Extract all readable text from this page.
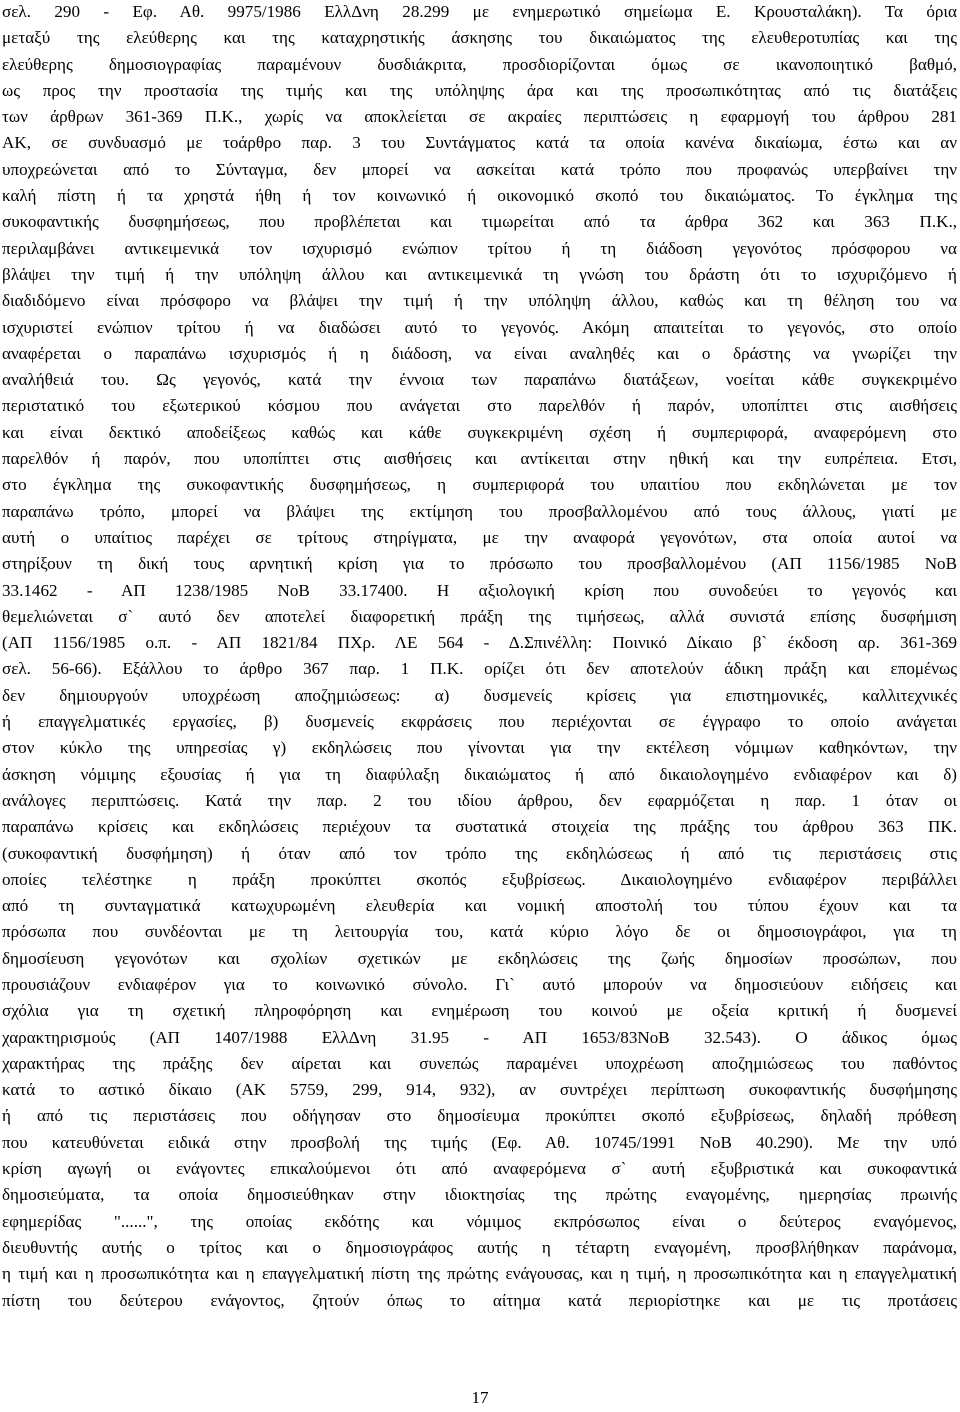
σελ. 290 - Εφ. Αθ. 9975/1986 ΕλλΔνη 28.299 με ενημερωτικό σημείωμα Ε. Κρουσταλάκη). Τα όρια
μεταξύ της ελεύθερης και της καταχρηστικής άσκησης του δικαιώματος της ελευθεροτυπίας και της
ελεύθερης δημοσιογραφίας παραμένουν δυσδιάκριτα, προσδιορίζονται όμως σε ικανοποιητικό βαθμό,
ως προς την προστασία της τιμής και της υπόληψης άρα και της προσωπικότητας από τις διατάξεις
των άρθρων 361-369 Π.Κ., χωρίς να αποκλείεται σε ακραίες περιπτώσεις η εφαρμογή του άρθρου 281
ΑΚ, σε συνδυασμό με τοάρθρο παρ. 3 του Συντάγματος κατά τα οποία κανένα δικαίωμα, έστω και αν
υποχρεώνεται από το Σύνταγμα, δεν μπορεί να ασκείται κατά τρόπο που προφανώς υπερβαίνει την
καλή πίστη ή τα χρηστά ήθη ή τον κοινωνικό ή οικονομικό σκοπό του δικαιώματος. Το έγκλημα της
συκοφαντικής δυσφημήσεως, που προβλέπεται και τιμωρείται από τα άρθρα 362 και 363 Π.Κ.,
περιλαμβάνει αντικειμενικά τον ισχυρισμό ενώπιον τρίτου ή τη διάδοση γεγονότος πρόσφορου να
βλάψει την τιμή ή την υπόληψη άλλου και αντικειμενικά τη γνώση του δράστη ότι το ισχυριζόμενο ή
διαδιδόμενο είναι πρόσφορο να βλάψει την τιμή ή την υπόληψη άλλου, καθώς και τη θέληση του να
ισχυριστεί ενώπιον τρίτου ή να διαδώσει αυτό το γεγονός. Ακόμη απαιτείται το γεγονός, στο οποίο
αναφέρεται ο παραπάνω ισχυρισμός ή η διάδοση, να είναι αναληθές και ο δράστης να γνωρίζει την
αναλήθειά του. Ως γεγονός, κατά την έννοια των παραπάνω διατάξεων, νοείται κάθε συγκεκριμένο
περιστατικό του εξωτερικού κόσμου που ανάγεται στο παρελθόν ή παρόν, υποπίπτει στις αισθήσεις
και είναι δεκτικό αποδείξεως καθώς και κάθε συγκεκριμένη σχέση ή συμπεριφορά, αναφερόμενη στο
παρελθόν ή παρόν, που υποπίπτει στις αισθήσεις και αντίκειται στην ηθική και την ευπρέπεια. Ετσι,
στο έγκλημα της συκοφαντικής δυσφημήσεως, η συμπεριφορά του υπαιτίου που εκδηλώνεται με τον
παραπάνω τρόπο, μπορεί να βλάψει της εκτίμηση του προσβαλλομένου από τους άλλους, γιατί με
αυτή ο υπαίτιος παρέχει σε τρίτους στηρίγματα, με την αναφορά γεγονότων, στα οποία αυτοί να
στηρίξουν τη δική τους αρνητική κρίση για το πρόσωπο του προσβαλλομένου (ΑΠ 1156/1985 ΝοΒ
33.1462 - ΑΠ 1238/1985 ΝοΒ 33.17400. Η αξιολογική κρίση που συνοδεύει το γεγονός και
θεμελιώνεται σ` αυτό δεν αποτελεί διαφορετική πράξη της τιμήσεως, αλλά συνιστά επίσης δυσφήμιση
(ΑΠ 1156/1985 ο.π. - ΑΠ 1821/84 ΠΧρ. ΛΕ 564 - Δ.Σπινέλλη: Ποινικό Δίκαιο β` έκδοση αρ. 361-369
σελ. 56-66). Εξάλλου το άρθρο 367 παρ. 1 Π.Κ. ορίζει ότι δεν αποτελούν άδικη πράξη και επομένως
δεν δημιουργούν υποχρέωση αποζημιώσεως: α) δυσμενείς κρίσεις για επιστημονικές, καλλιτεχνικές
ή επαγγελματικές εργασίες, β) δυσμενείς εκφράσεις που περιέχονται σε έγγραφο το οποίο ανάγεται
στον κύκλο της υπηρεσίας γ) εκδηλώσεις που γίνονται για την εκτέλεση νόμιμων καθηκόντων, την
άσκηση νόμιμης εξουσίας ή για τη διαφύλαξη δικαιώματος ή από δικαιολογημένο ενδιαφέρον και δ)
ανάλογες περιπτώσεις. Κατά την παρ. 2 του ιδίου άρθρου, δεν εφαρμόζεται η παρ. 1 όταν οι
παραπάνω κρίσεις και εκδηλώσεις περιέχουν τα συστατικά στοιχεία της πράξης του άρθρου 363 ΠΚ.
(συκοφαντική δυσφήμηση) ή όταν από τον τρόπο της εκδηλώσεως ή από τις περιστάσεις στις
οποίες τελέστηκε η πράξη προκύπτει σκοπός εξυβρίσεως. Δικαιολογημένο ενδιαφέρον περιβάλλει
από τη συνταγματικά κατωχυρωμένη ελευθερία και νομική αποστολή του τύπου έχουν και τα
πρόσωπα που συνδέονται με τη λειτουργία του, κατά κύριο λόγο δε οι δημοσιογράφοι, για τη
δημοσίευση γεγονότων και σχολίων σχετικών με εκδηλώσεις της ζωής δημοσίων προσώπων, που
προυσιάζουν ενδιαφέρον για το κοινωνικό σύνολο. Γι` αυτό μπορούν να δημοσιεύουν ειδήσεις και
σχόλια για τη σχετική πληροφόρηση και ενημέρωση του κοινού με οξεία κριτική ή δυσμενεί
χαρακτηρισμούς (ΑΠ 1407/1988 ΕλλΔνη 31.95 - ΑΠ 1653/83ΝοΒ 32.543). Ο άδικος όμως
χαρακτήρας της πράξης δεν αίρεται και συνεπώς παραμένει υποχρέωση αποζημιώσεως του παθόντος
κατά το αστικό δίκαιο (ΑΚ 5759, 299, 914, 932), αν συντρέχει περίπτωση συκοφαντικής δυσφήμησης
ή από τις περιστάσεις που οδήγησαν στο δημοσίευμα προκύπτει σκοπό εξυβρίσεως, δηλαδή πρόθεση
που κατευθύνεται ειδικά στην προσβολή της τιμής (Εφ. Αθ. 10745/1991 ΝοΒ 40.290). Με την υπό
κρίση αγωγή οι ενάγοντες επικαλούμενοι ότι από αναφερόμενα σ` αυτή εξυβριστικά και συκοφαντικά
δημοσιεύματα, τα οποία δημοσιεύθηκαν στην ιδιοκτησίας της πρώτης εναγομένης, ημερησίας πρωινής
εφημερίδας "......", της οποίας εκδότης και νόμιμος εκπρόσωπος είναι ο δεύτερος εναγόμενος,
διευθυντής αυτής ο τρίτος και ο δημοσιογράφος αυτής η τέταρτη εναγομένη, προσβλήθηκαν παράνομα,
η τιμή και η προσωπικότητα και η επαγγελματική πίστη της πρώτης ενάγουσας, και η τιμή, η προσωπικότητα και η επαγγελματική
πίστη του δεύτερου ενάγοντος, ζητούν όπως το αίτημα κατά περιορίστηκε και με τις προτάσεις
17
